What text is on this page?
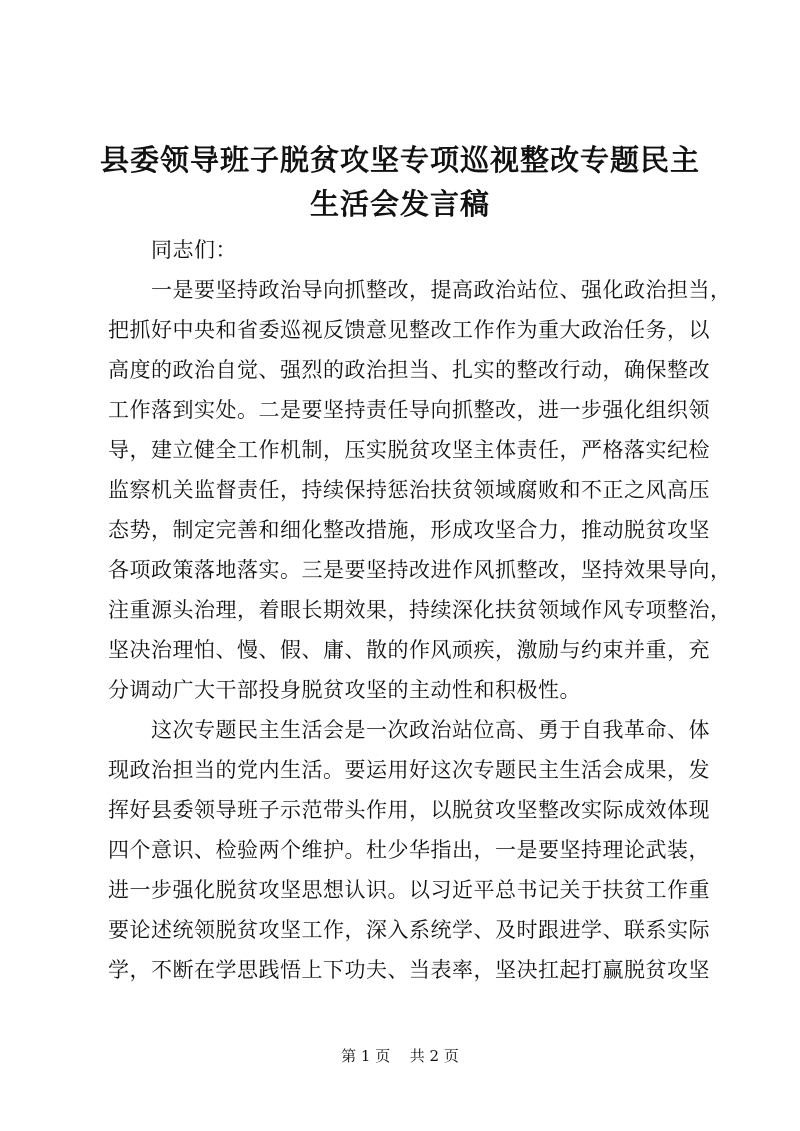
县委领导班子脱贫攻坚专项巡视整改专题民主
生活会发言稿
　　同志们：
　　一是要坚持政治导向抓整改，提高政治站位、强化政治担当，
把抓好中央和省委巡视反馈意见整改工作作为重大政治任务，以
高度的政治自觉、强烈的政治担当、扎实的整改行动，确保整改
工作落到实处。二是要坚持责任导向抓整改，进一步强化组织领
导，建立健全工作机制，压实脱贫攻坚主体责任，严格落实纪检
监察机关监督责任，持续保持惩治扶贫领域腐败和不正之风高压
态势，制定完善和细化整改措施，形成攻坚合力，推动脱贫攻坚
各项政策落地落实。三是要坚持改进作风抓整改，坚持效果导向，
注重源头治理，着眼长期效果，持续深化扶贫领域作风专项整治，
坚决治理怕、慢、假、庸、散的作风顽疾，激励与约束并重，充
分调动广大干部投身脱贫攻坚的主动性和积极性。
　　这次专题民主生活会是一次政治站位高、勇于自我革命、体
现政治担当的党内生活。要运用好这次专题民主生活会成果，发
挥好县委领导班子示范带头作用，以脱贫攻坚整改实际成效体现
四个意识、检验两个维护。杜少华指出，一是要坚持理论武装，
进一步强化脱贫攻坚思想认识。以习近平总书记关于扶贫工作重
要论述统领脱贫攻坚工作，深入系统学、及时跟进学、联系实际
学，不断在学思践悟上下功夫、当表率，坚决扛起打赢脱贫攻坚
第 1 页 共 2 页
